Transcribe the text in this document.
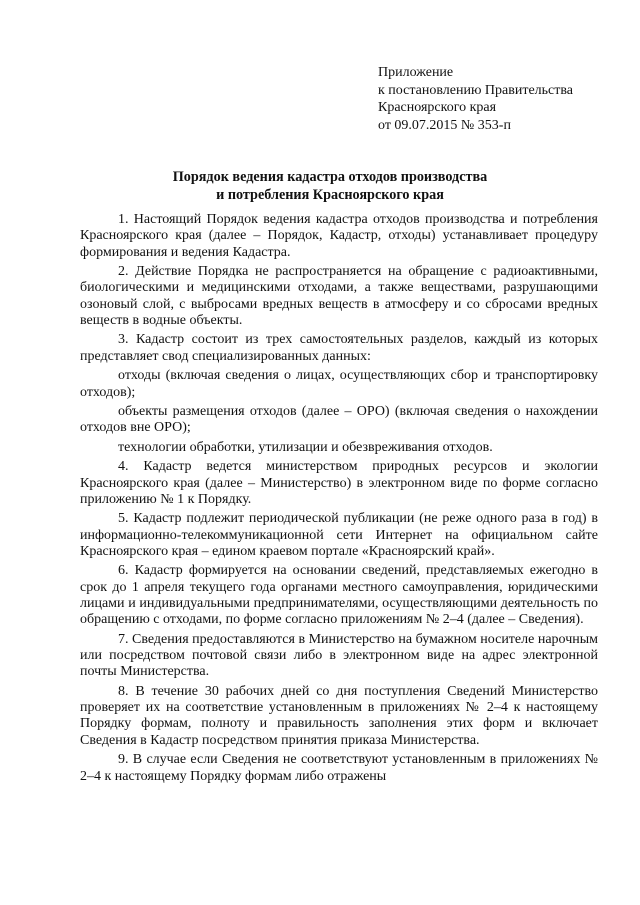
Приложение
к постановлению Правительства
Красноярского края
от 09.07.2015 № 353-п
Порядок ведения кадастра отходов производства
и потребления Красноярского края

1. Настоящий Порядок ведения кадастра отходов производства и потребления Красноярского края (далее – Порядок, Кадастр, отходы) устанавливает процедуру формирования и ведения Кадастра.

2. Действие Порядка не распространяется на обращение с радиоактивными, биологическими и медицинскими отходами, а также веществами, разрушающими озоновый слой, с выбросами вредных веществ в атмосферу и со сбросами вредных веществ в водные объекты.

3. Кадастр состоит из трех самостоятельных разделов, каждый из которых представляет свод специализированных данных:

отходы (включая сведения о лицах, осуществляющих сбор и транспортировку отходов);

объекты размещения отходов (далее – ОРО) (включая сведения о нахождении отходов вне ОРО);

технологии обработки, утилизации и обезвреживания отходов.

4. Кадастр ведется министерством природных ресурсов и экологии Красноярского края (далее – Министерство) в электронном виде по форме согласно приложению № 1 к Порядку.

5. Кадастр подлежит периодической публикации (не реже одного раза в год) в информационно-телекоммуникационной сети Интернет на официальном сайте Красноярского края – едином краевом портале «Красноярский край».

6. Кадастр формируется на основании сведений, представляемых ежегодно в срок до 1 апреля текущего года органами местного самоуправления, юридическими лицами и индивидуальными предпринимателями, осуществляющими деятельность по обращению с отходами, по форме согласно приложениям № 2–4 (далее – Сведения).

7. Сведения предоставляются в Министерство на бумажном носителе нарочным или посредством почтовой связи либо в электронном виде на адрес электронной почты Министерства.

8. В течение 30 рабочих дней со дня поступления Сведений Министерство проверяет их на соответствие установленным в приложениях № 2–4 к настоящему Порядку формам, полноту и правильность заполнения этих форм и включает Сведения в Кадастр посредством принятия приказа Министерства.

9. В случае если Сведения не соответствуют установленным в приложениях № 2–4 к настоящему Порядку формам либо отражены
